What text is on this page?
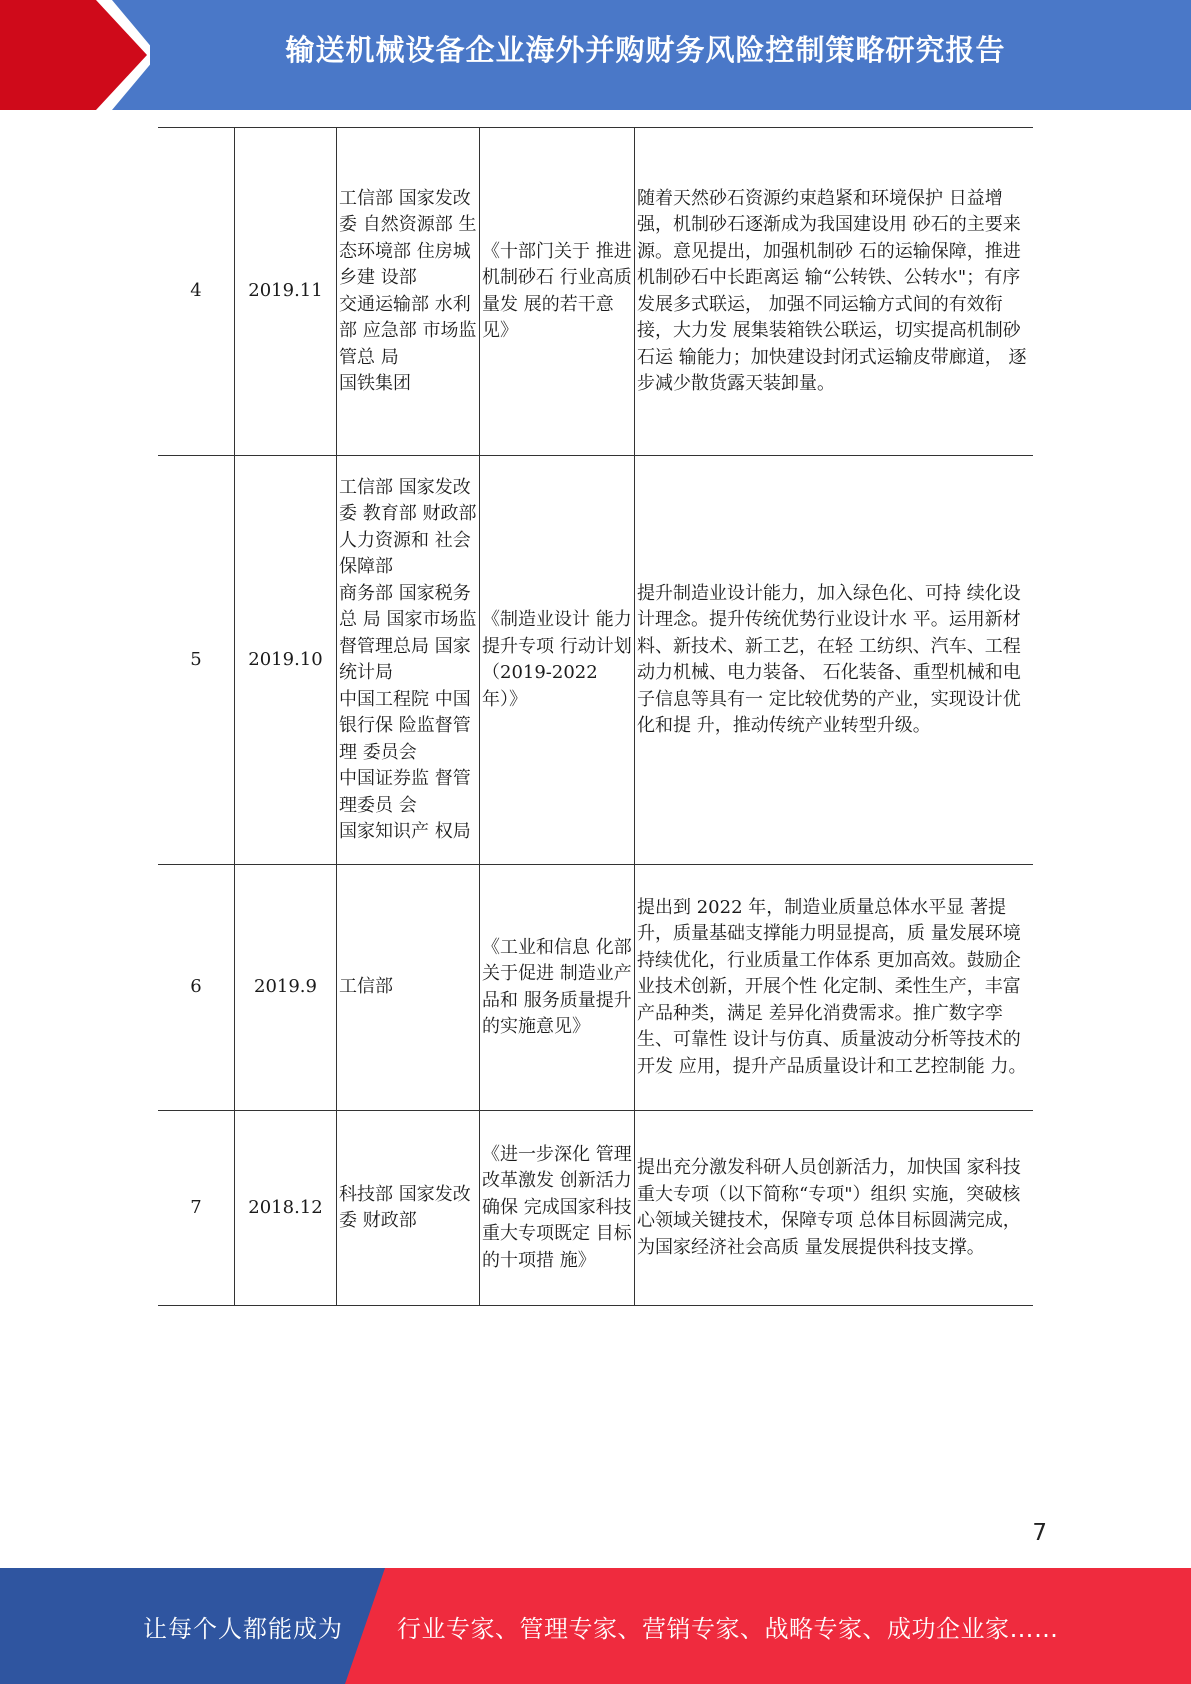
输送机械设备企业海外并购财务风险控制策略研究报告
4	2019.11	工信部 国家发改委 自然资源部 生态环境部 住房城乡建 设部
交通运输部 水利部 应急部 市场监管总 局
国铁集团	《十部门关于 推进机制砂石 行业高质量发 展的若干意 见》	随着天然砂石资源约束趋紧和环境保护 日益增强，机制砂石逐渐成为我国建设用 砂石的主要来源。意见提出，加强机制砂 石的运输保障，推进机制砂石中长距离运 输“公转铁、公转水"；有序发展多式联运， 加强不同运输方式间的有效衔接，大力发 展集装箱铁公联运，切实提高机制砂石运 输能力；加快建设封闭式运输皮带廊道， 逐步减少散货露天装卸量。

5	2019.10	工信部 国家发改委 教育部 财政部 人力资源和 社会保障部
商务部 国家税务总 局 国家市场监 督管理总局 国家统计局
中国工程院 中国银行保 险监督管理 委员会
中国证券监 督管理委员 会
国家知识产 权局	《制造业设计 能力提升专项 行动计划
（2019-2022
年）》	提升制造业设计能力，加入绿色化、可持 续化设计理念。提升传统优势行业设计水 平。运用新材料、新技术、新工艺，在轻 工纺织、汽车、工程动力机械、电力装备、 石化装备、重型机械和电子信息等具有一 定比较优势的产业，实现设计优化和提 升，推动传统产业转型升级。

6	2019.9	工信部	《工业和信息 化部关于促进 制造业产品和 服务质量提升 的实施意见》	提出到 2022 年，制造业质量总体水平显 著提升，质量基础支撑能力明显提高，质 量发展环境持续优化，行业质量工作体系 更加高效。鼓励企业技术创新，开展个性 化定制、柔性生产，丰富产品种类，满足 差异化消费需求。推广数字孪生、可靠性 设计与仿真、质量波动分析等技术的开发 应用，提升产品质量设计和工艺控制能 力。

7	2018.12	科技部 国家发改委 财政部	《进一步深化 管理改革激发 创新活力确保 完成国家科技 重大专项既定 目标的十项措 施》	提出充分激发科研人员创新活力，加快国 家科技重大专项（以下简称“专项"）组织 实施，突破核心领域关键技术，保障专项 总体目标圆满完成，为国家经济社会高质 量发展提供科技支撑。
7
让每个人都能成为 行业专家、管理专家、营销专家、战略专家、成功企业家……
